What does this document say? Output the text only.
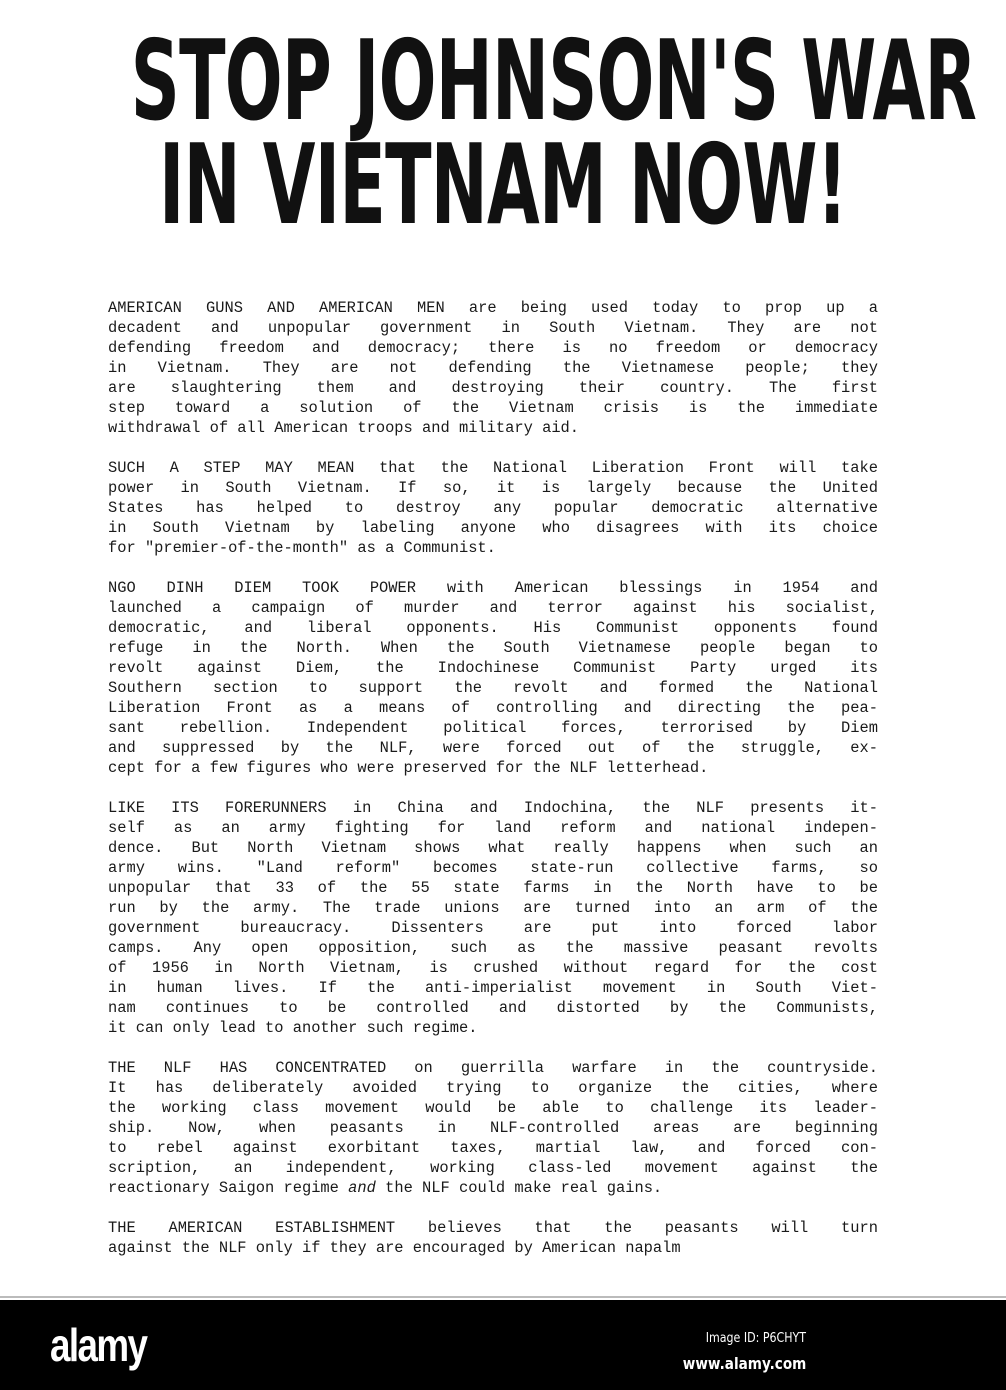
STOP JOHNSON'S WAR
IN VIETNAM NOW!
AMERICAN GUNS AND AMERICAN MEN are being used today to prop up a
decadent and unpopular government in South Vietnam. They are not
defending freedom and democracy; there is no freedom or democracy
in Vietnam. They are not defending the Vietnamese people; they
are slaughtering them and destroying their country. The first
step toward a solution of the Vietnam crisis is the immediate
withdrawal of all American troops and military aid.
SUCH A STEP MAY MEAN that the National Liberation Front will take
power in South Vietnam. If so, it is largely because the United
States has helped to destroy any popular democratic alternative
in South Vietnam by labeling anyone who disagrees with its choice
for "premier-of-the-month" as a Communist.
NGO DINH DIEM TOOK POWER with American blessings in 1954 and
launched a campaign of murder and terror against his socialist,
democratic, and liberal opponents. His Communist opponents found
refuge in the North. When the South Vietnamese people began to
revolt against Diem, the Indochinese Communist Party urged its
Southern section to support the revolt and formed the National
Liberation Front as a means of controlling and directing the pea-
sant rebellion. Independent political forces, terrorised by Diem
and suppressed by the NLF, were forced out of the struggle, ex-
cept for a few figures who were preserved for the NLF letterhead.
LIKE ITS FORERUNNERS in China and Indochina, the NLF presents it-
self as an army fighting for land reform and national indepen-
dence. But North Vietnam shows what really happens when such an
army wins. "Land reform" becomes state-run collective farms, so
unpopular that 33 of the 55 state farms in the North have to be
run by the army. The trade unions are turned into an arm of the
government bureaucracy. Dissenters are put into forced labor
camps. Any open opposition, such as the massive peasant revolts
of 1956 in North Vietnam, is crushed without regard for the cost
in human lives. If the anti-imperialist movement in South Viet-
nam continues to be controlled and distorted by the Communists,
it can only lead to another such regime.
THE NLF HAS CONCENTRATED on guerrilla warfare in the countryside.
It has deliberately avoided trying to organize the cities, where
the working class movement would be able to challenge its leader-
ship. Now, when peasants in NLF-controlled areas are beginning
to rebel against exorbitant taxes, martial law, and forced con-
scription, an independent, working class-led movement against the
reactionary Saigon regime and the NLF could make real gains.
THE AMERICAN ESTABLISHMENT believes that the peasants will turn
against the NLF only if they are encouraged by American napalm
alamy	Image ID: P6CHYT
www.alamy.com
